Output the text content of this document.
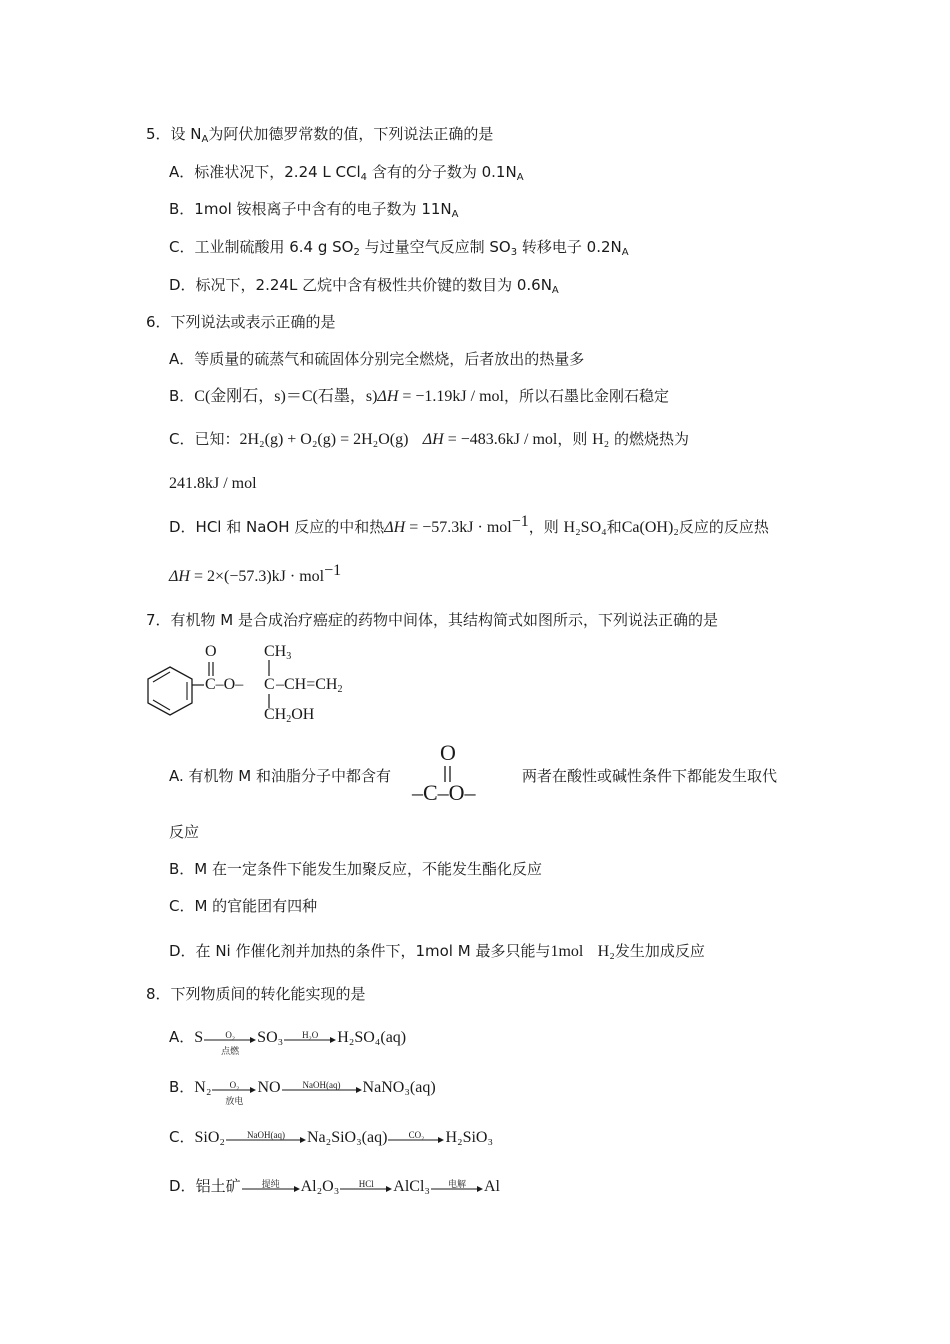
5．设 $N_A$为阿伏加德罗常数的值，下列说法正确的是
A．标准状况下，2.24 L CCl$_4$ 含有的分子数为 $0.1N_A$
B．1mol 铵根离子中含有的电子数为 $11N_A$
C．工业制硫酸用 6.4 g $SO_2$ 与过量空气反应制 $SO_3$ 转移电子 $0.2N_A$
D．标况下，2.24L 乙烷中含有极性共价键的数目为 $0.6N_A$
6．下列说法或表示正确的是
A．等质量的硫蒸气和硫固体分别完全燃烧，后者放出的热量多
B．C(金刚石，s)＝C(石墨，s)ΔH = −1.19kJ / mol，所以石墨比金刚石稳定
C．已知：2H₂(g) + O₂(g) = 2H₂O(g) ΔH = −483.6kJ / mol，则 H₂ 的燃烧热为
241.8kJ / mol
D．HCl 和 NaOH 反应的中和热ΔH = −57.3kJ · mol$^{-1}$，则 H₂SO₄和Ca(OH)₂反应的反应热
ΔH = 2×(−57.3)kJ · mol$^{-1}$
7．有机物 M 是合成治疗癌症的药物中间体，其结构简式如图所示，下列说法正确的是
O
C–O– C
$CH_3$
$-CH=CH_2$
$CH_2OH$
A. 有机物 M 和油脂分子中都含有
O
–C–O–
两者在酸性或碱性条件下都能发生取代
反应
B．M 在一定条件下能发生加聚反应，不能发生酯化反应
C．M 的官能团有四种
D．在 Ni 作催化剂并加热的条件下，1mol M 最多只能与1mol H₂发生加成反应
8．下列物质间的转化能实现的是
A．S	O₂
点燃
SO₃	H₂O	H₂SO₄(aq)
B．N₂	O₂
放电
NO	NaOH(aq)	NaNO₃(aq)
C．SiO₂	NaOH(aq)	Na₂SiO₃(aq)	CO₂	H₂SiO₃
D．铝土矿	提纯	Al₂O₃	HCl	AlCl₃	电解	Al
